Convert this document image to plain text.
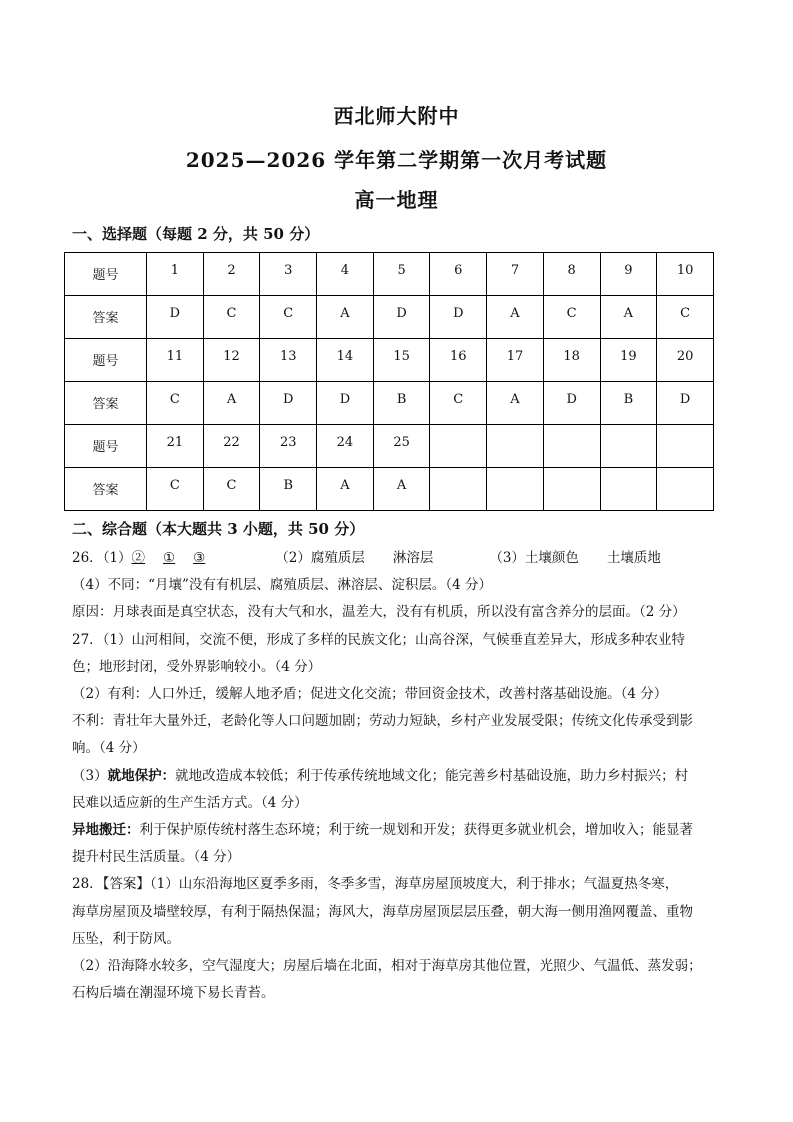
西北师大附中
2025—2026 学年第二学期第一次月考试题
高一地理
一、选择题（每题 2 分，共 50 分）
题号	1	2	3	4	5	6	7	8	9	10
答案	D	C	C	A	D	D	A	C	A	C
题号	11	12	13	14	15	16	17	18	19	20
答案	C	A	D	D	B	C	A	D	B	D
题号	21	22	23	24	25					
答案	C	C	B	A	A					
二、综合题（本大题共 3 小题，共 50 分）

26．（1）② ① ③	（2）腐殖质层 淋溶层	（3）土壤颜色 土壤质地

（4）不同：“月壤”没有有机层、腐殖质层、淋溶层、淀积层。（4 分）

原因：月球表面是真空状态，没有大气和水，温差大，没有有机质，所以没有富含养分的层面。（2 分）

27．（1）山河相间，交流不便，形成了多样的民族文化；山高谷深，气候垂直差异大，形成多种农业特

色；地形封闭，受外界影响较小。（4 分）

（2）有利：人口外迁，缓解人地矛盾；促进文化交流；带回资金技术，改善村落基础设施。（4 分）

不利：青壮年大量外迁，老龄化等人口问题加剧；劳动力短缺，乡村产业发展受限；传统文化传承受到影

响。（4 分）

（3）就地保护：就地改造成本较低；利于传承传统地域文化；能完善乡村基础设施，助力乡村振兴；村

民难以适应新的生产生活方式。（4 分）

异地搬迁：利于保护原传统村落生态环境；利于统一规划和开发；获得更多就业机会，增加收入；能显著

提升村民生活质量。（4 分）

28．【答案】（1）山东沿海地区夏季多雨，冬季多雪，海草房屋顶坡度大，利于排水；气温夏热冬寒，

海草房屋顶及墙壁较厚，有利于隔热保温；海风大，海草房屋顶层层压叠，朝大海一侧用渔网覆盖、重物

压坠，利于防风。

（2）沿海降水较多，空气湿度大；房屋后墙在北面，相对于海草房其他位置，光照少、气温低、蒸发弱；

石构后墙在潮湿环境下易长青苔。
